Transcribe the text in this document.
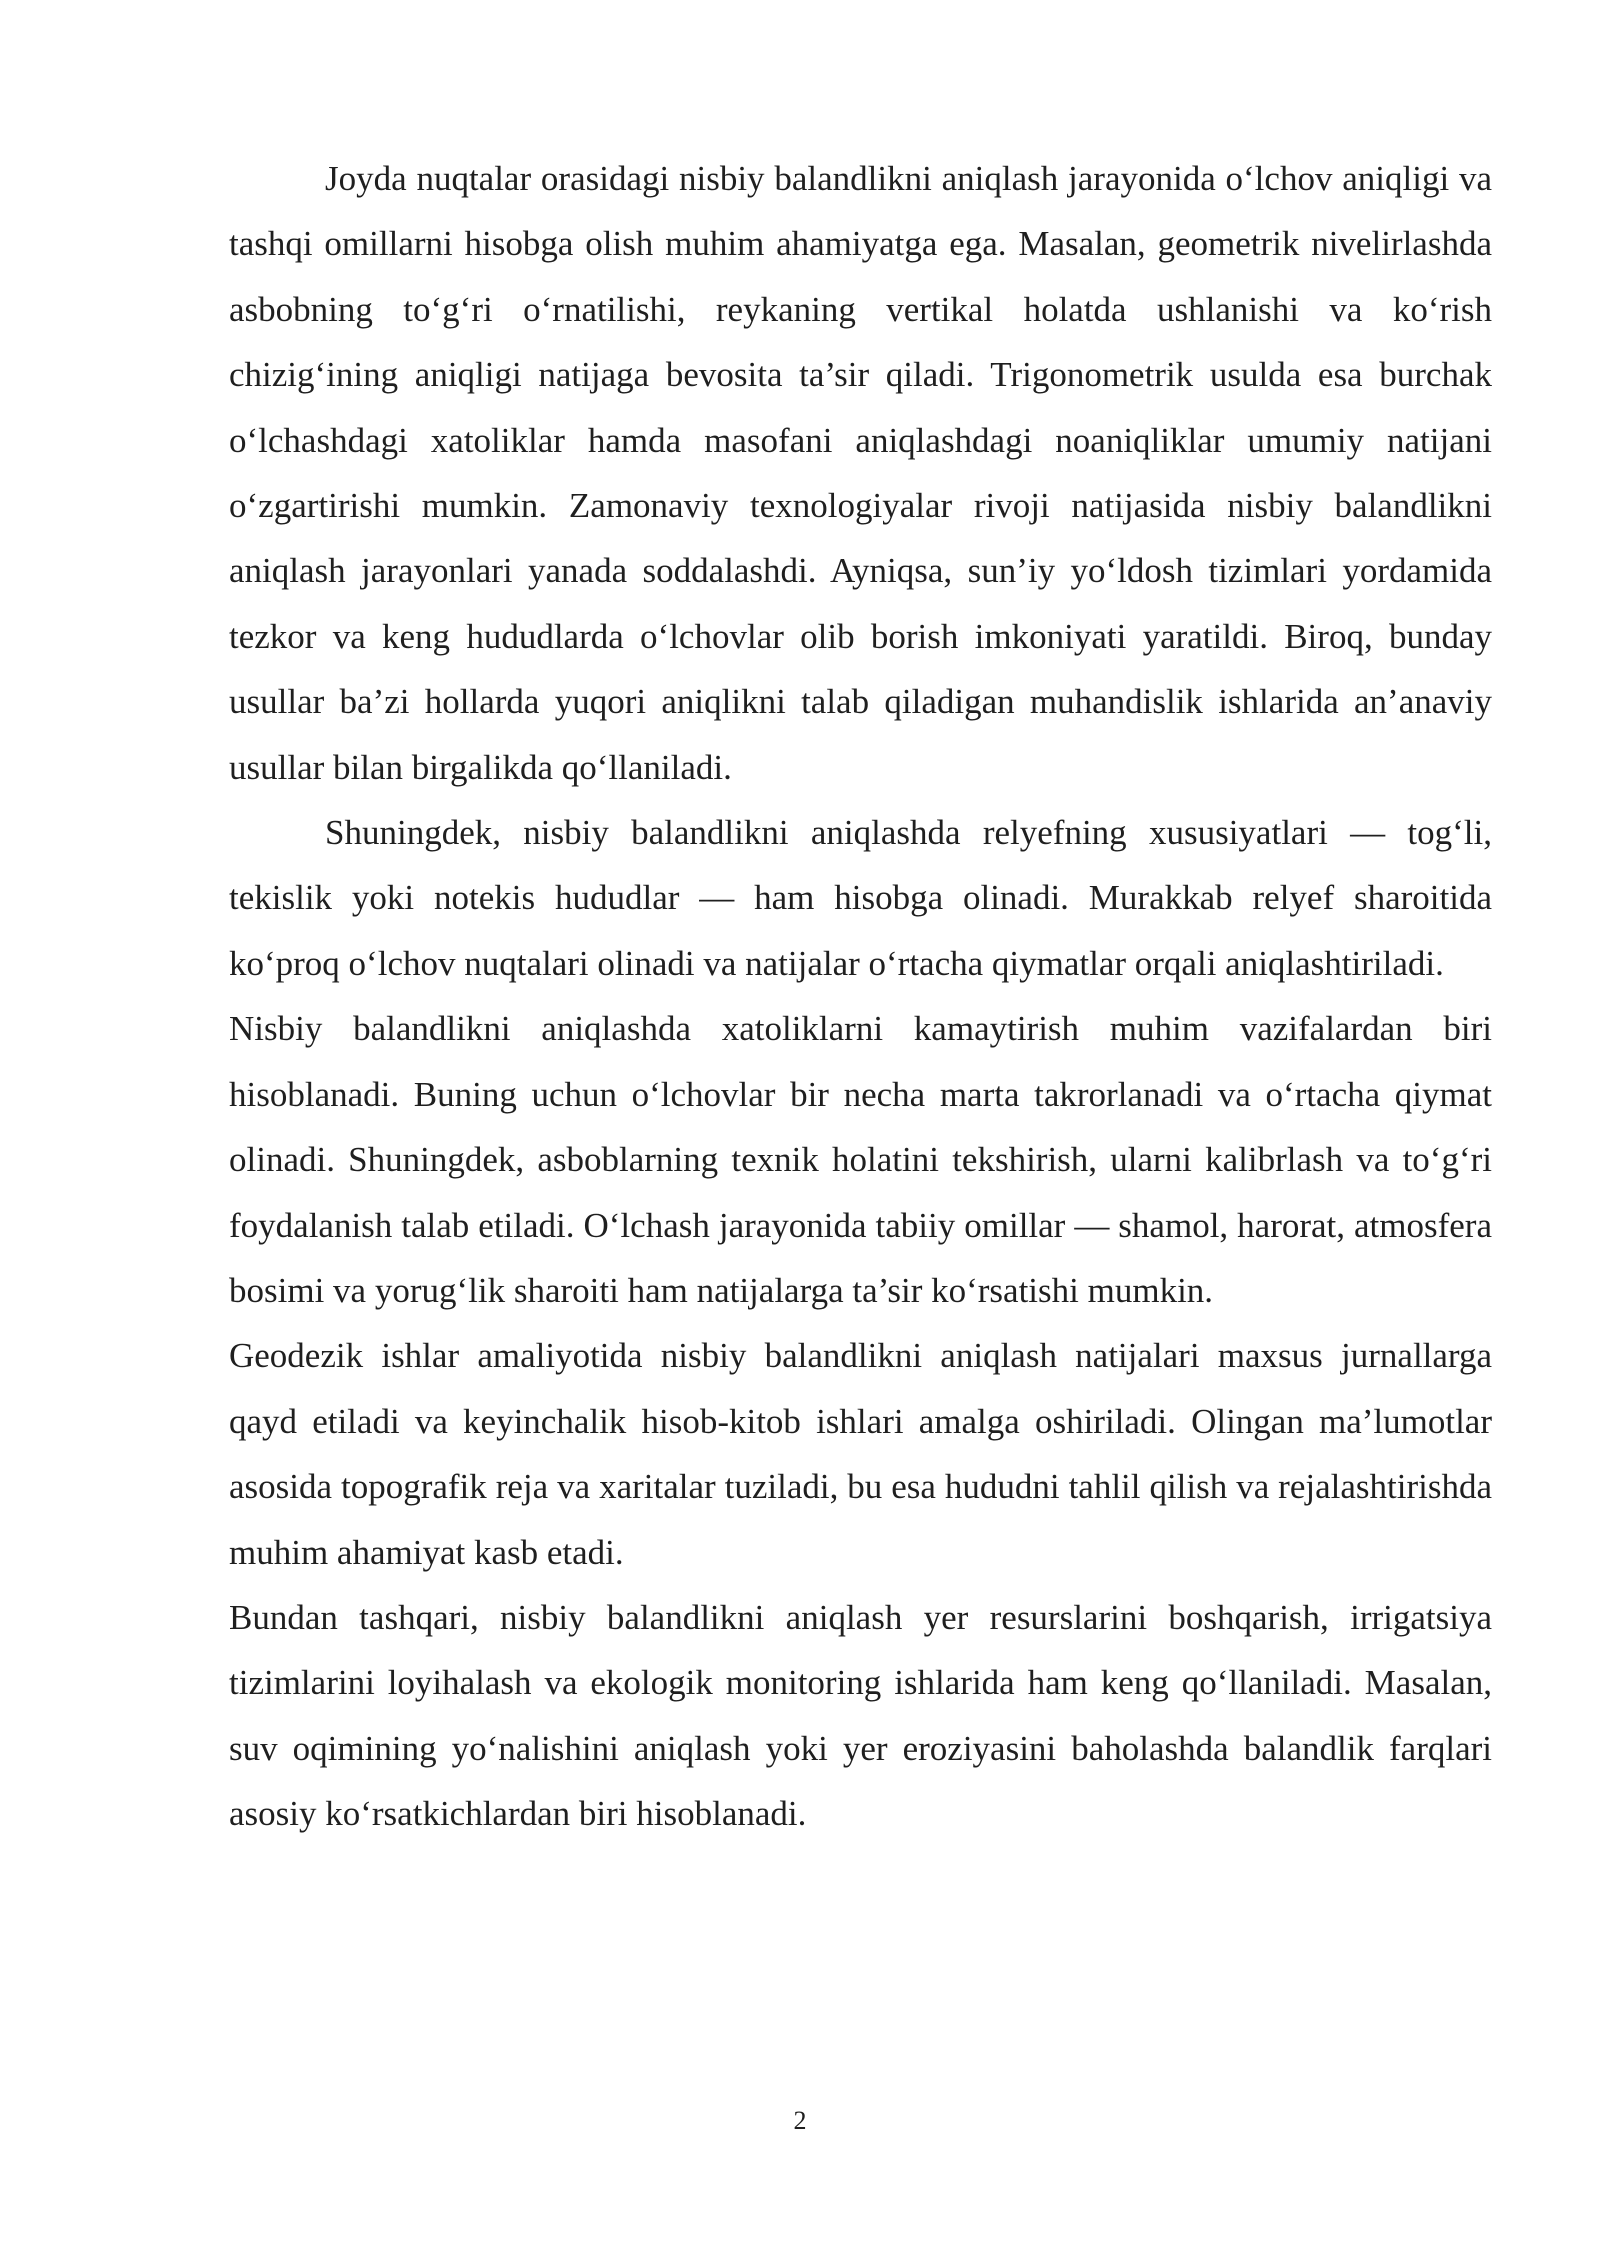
Joyda nuqtalar orasidagi nisbiy balandlikni aniqlash jarayonida o‘lchov aniqligi va tashqi omillarni hisobga olish muhim ahamiyatga ega. Masalan, geometrik nivelirlashda asbobning to‘g‘ri o‘rnatilishi, reykaning vertikal holatda ushlanishi va ko‘rish chizig‘ining aniqligi natijaga bevosita ta’sir qiladi. Trigonometrik usulda esa burchak o‘lchashdagi xatoliklar hamda masofani aniqlashdagi noaniqliklar umumiy natijani o‘zgartirishi mumkin. Zamonaviy texnologiyalar rivoji natijasida nisbiy balandlikni aniqlash jarayonlari yanada soddalashdi. Ayniqsa, sun’iy yo‘ldosh tizimlari yordamida tezkor va keng hududlarda o‘lchovlar olib borish imkoniyati yaratildi. Biroq, bunday usullar ba’zi hollarda yuqori aniqlikni talab qiladigan muhandislik ishlarida an’anaviy usullar bilan birgalikda qo‘llaniladi.

Shuningdek, nisbiy balandlikni aniqlashda relyefning xususiyatlari — tog‘li, tekislik yoki notekis hududlar — ham hisobga olinadi. Murakkab relyef sharoitida ko‘proq o‘lchov nuqtalari olinadi va natijalar o‘rtacha qiymatlar orqali aniqlashtiriladi.

Nisbiy balandlikni aniqlashda xatoliklarni kamaytirish muhim vazifalardan biri hisoblanadi. Buning uchun o‘lchovlar bir necha marta takrorlanadi va o‘rtacha qiymat olinadi. Shuningdek, asboblarning texnik holatini tekshirish, ularni kalibrlash va to‘g‘ri foydalanish talab etiladi. O‘lchash jarayonida tabiiy omillar — shamol, harorat, atmosfera bosimi va yorug‘lik sharoiti ham natijalarga ta’sir ko‘rsatishi mumkin.

Geodezik ishlar amaliyotida nisbiy balandlikni aniqlash natijalari maxsus jurnallarga qayd etiladi va keyinchalik hisob-kitob ishlari amalga oshiriladi. Olingan ma’lumotlar asosida topografik reja va xaritalar tuziladi, bu esa hududni tahlil qilish va rejalashtirishda muhim ahamiyat kasb etadi.

Bundan tashqari, nisbiy balandlikni aniqlash yer resurslarini boshqarish, irrigatsiya tizimlarini loyihalash va ekologik monitoring ishlarida ham keng qo‘llaniladi. Masalan, suv oqimining yo‘nalishini aniqlash yoki yer eroziyasini baholashda balandlik farqlari asosiy ko‘rsatkichlardan biri hisoblanadi.

2
